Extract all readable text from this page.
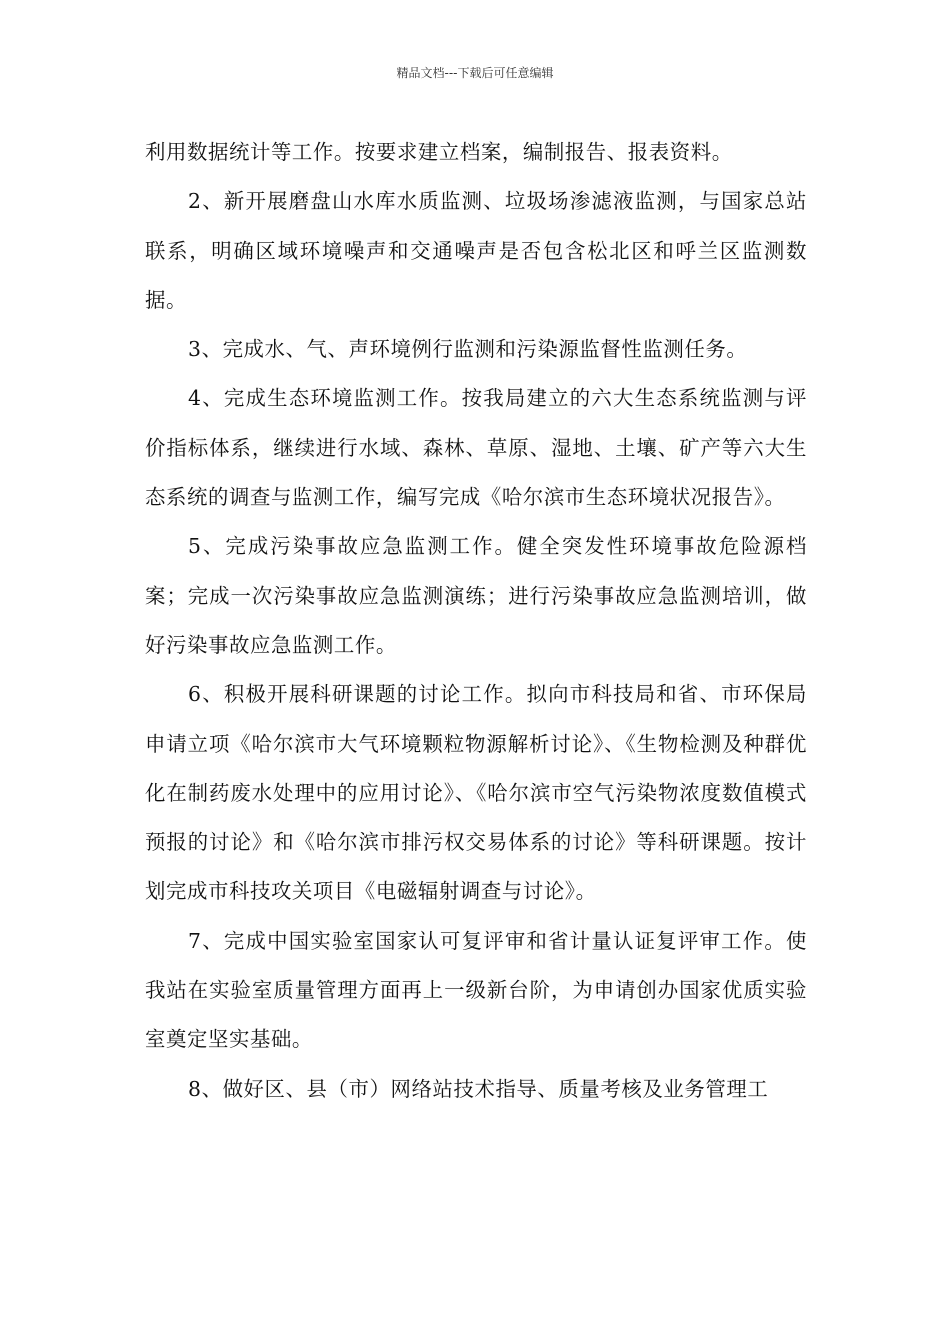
精品文档---下载后可任意编辑

利用数据统计等工作。按要求建立档案，编制报告、报表资料。

2、新开展磨盘山水库水质监测、垃圾场渗滤液监测，与国家总站联系，明确区域环境噪声和交通噪声是否包含松北区和呼兰区监测数据。

3、完成水、气、声环境例行监测和污染源监督性监测任务。

4、完成生态环境监测工作。按我局建立的六大生态系统监测与评价指标体系，继续进行水域、森林、草原、湿地、土壤、矿产等六大生态系统的调查与监测工作，编写完成《哈尔滨市生态环境状况报告》。

5、完成污染事故应急监测工作。健全突发性环境事故危险源档案；完成一次污染事故应急监测演练；进行污染事故应急监测培训，做好污染事故应急监测工作。

6、积极开展科研课题的讨论工作。拟向市科技局和省、市环保局申请立项《哈尔滨市大气环境颗粒物源解析讨论》、《生物检测及种群优化在制药废水处理中的应用讨论》、《哈尔滨市空气污染物浓度数值模式预报的讨论》和《哈尔滨市排污权交易体系的讨论》等科研课题。按计划完成市科技攻关项目《电磁辐射调查与讨论》。

7、完成中国实验室国家认可复评审和省计量认证复评审工作。使我站在实验室质量管理方面再上一级新台阶，为申请创办国家优质实验室奠定坚实基础。

8、做好区、县（市）网络站技术指导、质量考核及业务管理工
